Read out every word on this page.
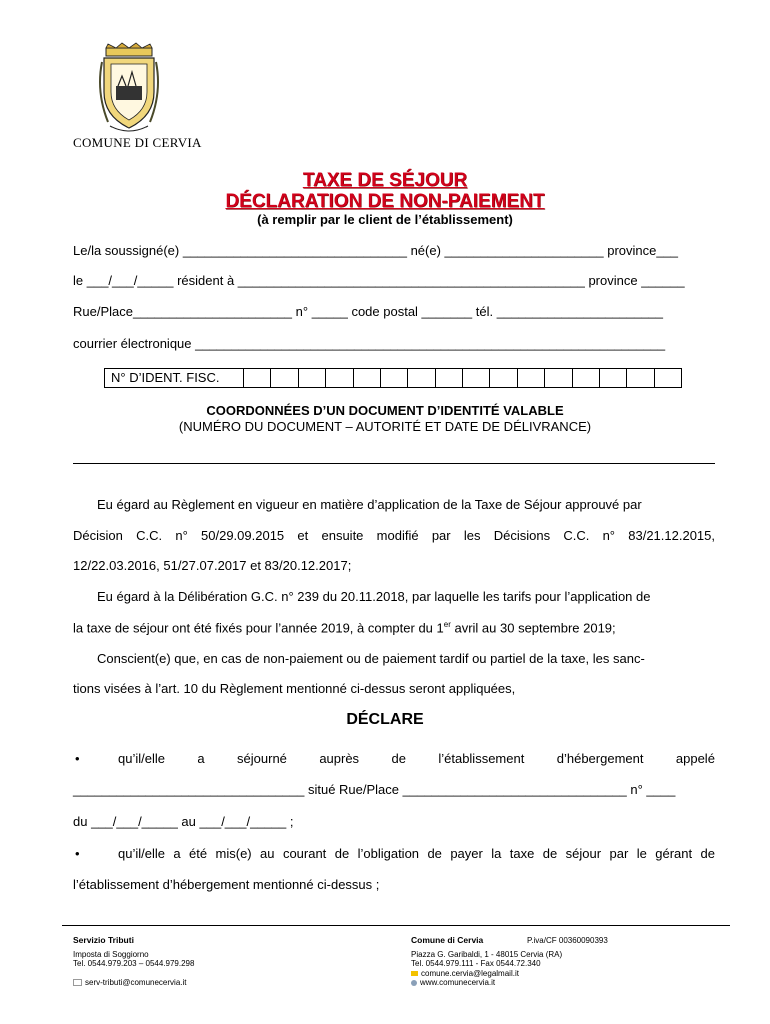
COMUNE DI CERVIA
TAXE DE SÉJOUR
DÉCLARATION DE NON-PAIEMENT
(à remplir par le client de l’établissement)
Le/la soussigné(e) _______________________________ né(e) ______________________ province___
le ___/___/_____ résident à ________________________________________________ province ______
Rue/Place______________________ n° _____ code postal _______ tél. _______________________
courrier électronique _________________________________________________________________
N° D’IDENT. FISC.
COORDONNÉES D’UN DOCUMENT D’IDENTITÉ VALABLE
(NUMÉRO DU DOCUMENT – AUTORITÉ ET DATE DE DÉLIVRANCE)
Eu égard au Règlement en vigueur en matière d’application de la Taxe de Séjour approuvé par
Décision C.C. n° 50/29.09.2015 et ensuite modifié par les Décisions C.C. n° 83/21.12.2015,
12/22.03.2016, 51/27.07.2017 et 83/20.12.2017;
Eu égard à la Délibération G.C. n° 239 du 20.11.2018, par laquelle les tarifs pour l’application de
la taxe de séjour ont été fixés pour l’année 2019, à compter du 1er avril au 30 septembre 2019;
Conscient(e) que, en cas de non-paiement ou de paiement tardif ou partiel de la taxe, les sanc-
tions visées à l’art. 10 du Règlement mentionné ci-dessus seront appliquées,
DÉCLARE
•	qu’il/elle a séjourné auprès de l’établissement d’hébergement appelé
________________________________ situé Rue/Place _______________________________ n° ____
du ___/___/_____ au ___/___/_____ ;
•	qu’il/elle a été mis(e) au courant de l’obligation de payer la taxe de séjour par le gérant de
l’établissement d’hébergement mentionné ci-dessus ;
Servizio Tributi
Imposta di Soggiorno
Tel. 0544.979.203 – 0544.979.298
serv-tributi@comunecervia.it
Comune di Cervia	P.iva/CF 00360090393
Piazza G. Garibaldi, 1 - 48015 Cervia (RA)
Tel. 0544.979.111 - Fax 0544.72.340
comune.cervia@legalmail.it
www.comunecervia.it
